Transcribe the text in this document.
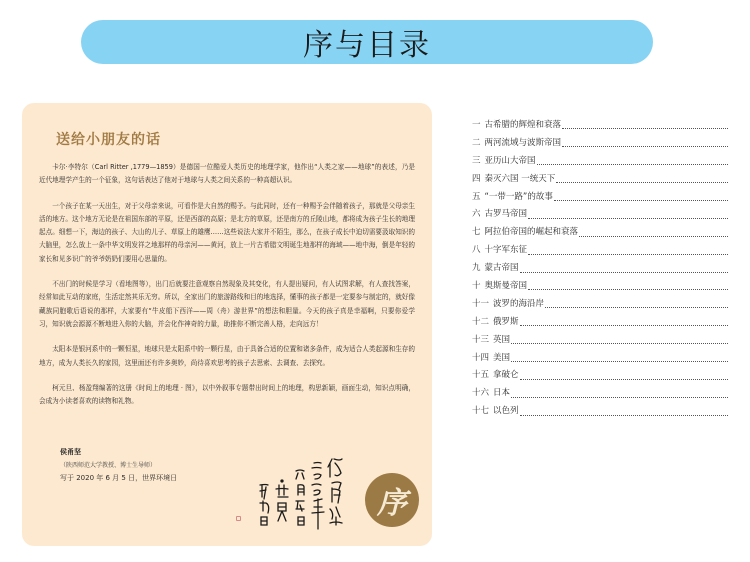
序与目录
送给小朋友的话

卡尔·李特尔（Carl Ritter ,1779—1859）是德国一位酷爱人类历史的地理学家，他作出“人类之家——地球”的表述，乃是近代地理学产生的一个征象，这句话表达了他对于地球与人类之间关系的一种高超认识。

一个孩子在某一天出生，对于父母亲来说，可看作是大自然的赐予。与此同时，还有一种赐予会伴随着孩子，那就是父母亲生活的地方。这个地方无论是在祖国东部的平原，还是西部的高原；是北方的草原，还是南方的丘陵山地，都将成为孩子生长的地理起点。细想一下，海边的孩子、大山的儿子、草原上的雄鹰……这些说法大家并不陌生，那么，在孩子成长中迫切需要汲取知识的大脑里，怎么放上一条中华文明发祥之地那样的母亲河——黄河，放上一片古希腊文明诞生地那样的海域——地中海，倒是年轻的家长和见多识广的爷爷奶奶们要用心思量的。

不出门的时候是学习（看地图等），出门后就要注意观察自然现象及其变化，有人提出疑问，有人试图求解，有人查找答案，经常如此互动的家庭，生活定然其乐无穷。所以，全家出门的旅游路线和目的地选择，懂事的孩子都是一定要参与制定的，就好像藏族同胞歌后语说的那样，大家要有“牛皮船下西洋——周（舟）游世界”的想法和胆量。今天的孩子真是幸福啊，只要你爱学习，知识就会源源不断地进入你的大脑，并会化作神奇的力量，助推你不断完善人格，走向远方！

太阳本是银河系中的一颗恒星，地球只是太阳系中的一颗行星，由于具备合适的位置和诸多条件，成为适合人类起源和生存的地方，成为人类长久的家园，这里面还有许多奥妙，尚待喜欢思考的孩子去思索、去调查、去探究。

柯元旦、杨盈翔编著的这册《时间上的地理 · 图》，以中外叙事专题带出时间上的地理，构思新颖，画面生动，知识点明确，会成为小读者喜欢的读物和礼物。

侯甬坚
（陕西师范大学教授、博士生导师）
写于 2020 年 6 月 5 日，世界环境日
序
一 古希腊的辉煌和衰落
二 两河流域与波斯帝国
三 亚历山大帝国
四 秦灭六国 一统天下
五 “一带一路”的故事
六 古罗马帝国
七 阿拉伯帝国的崛起和衰落
八 十字军东征
九 蒙古帝国
十 奥斯曼帝国
十一 波罗的海沿岸
十二 俄罗斯
十三 英国
十四 美国
十五 拿破仑
十六 日本
十七 以色列
